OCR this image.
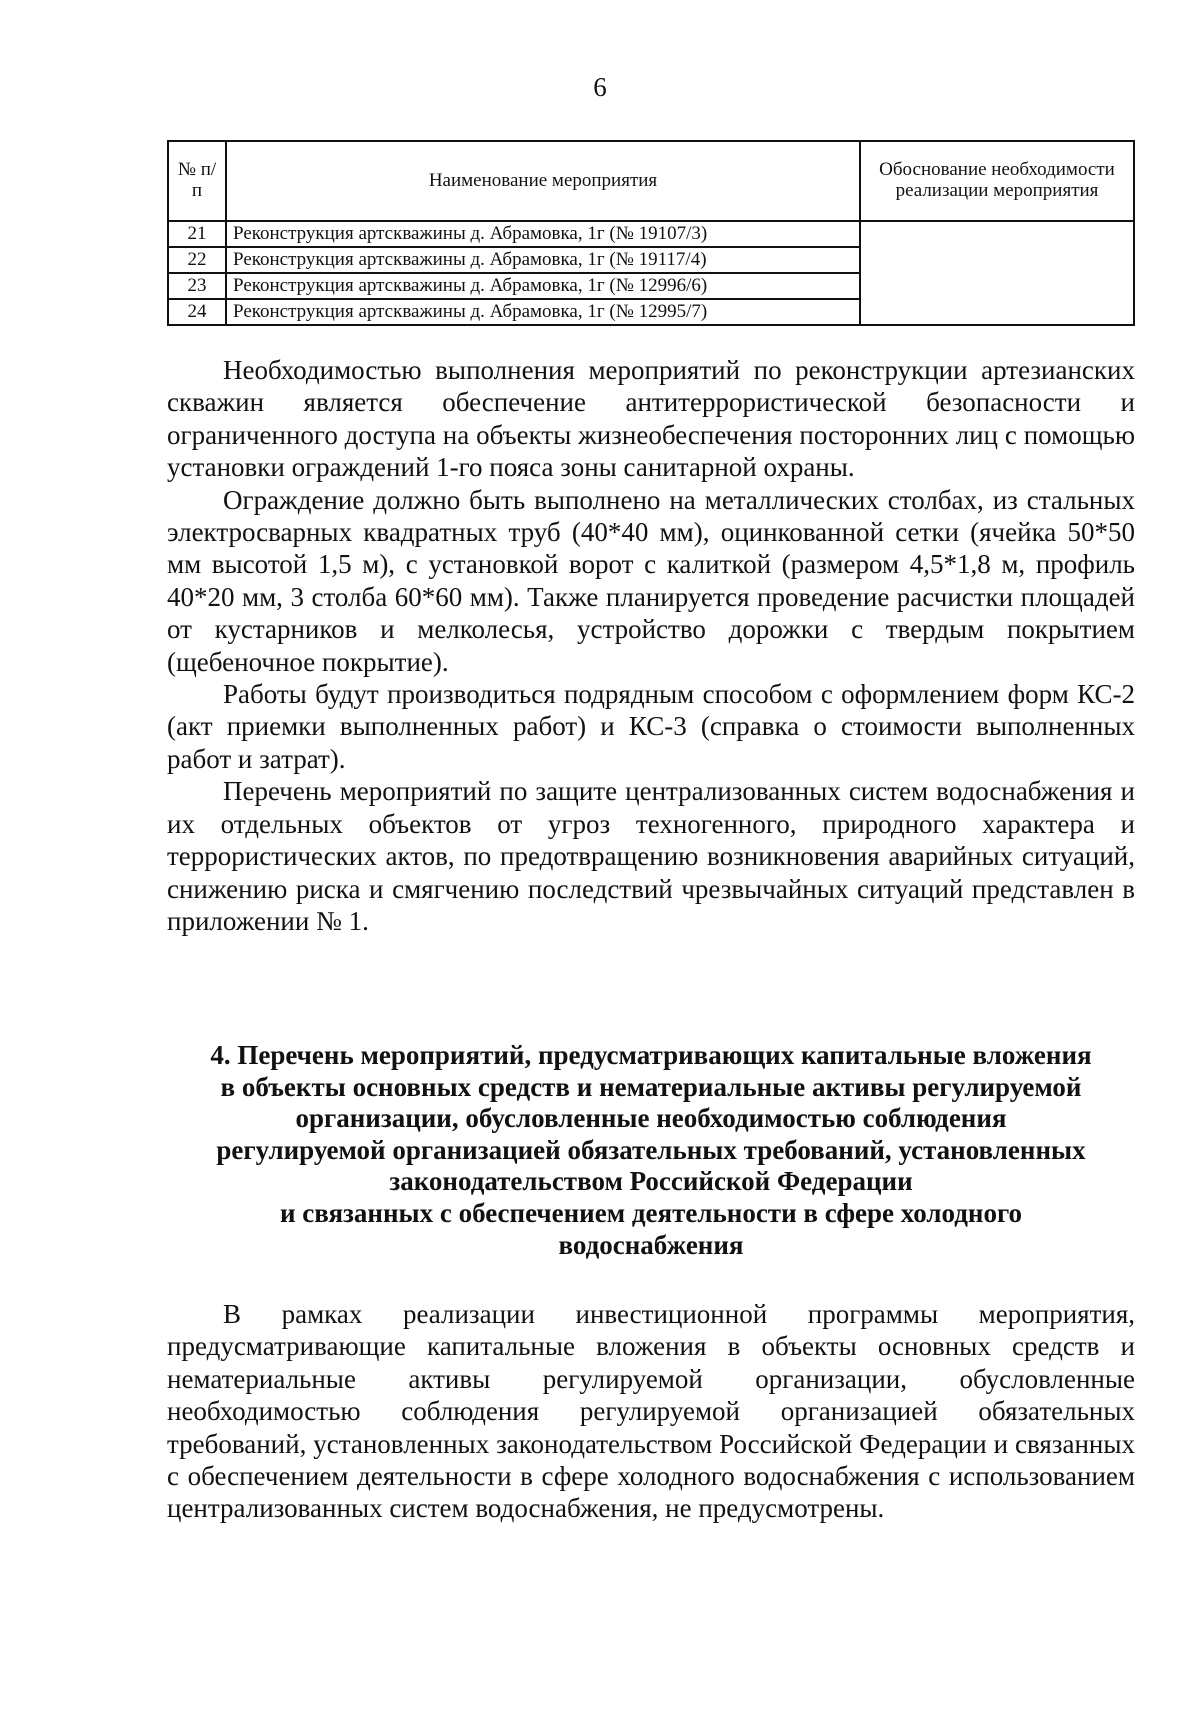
6
№ п/п	Наименование мероприятия	Обоснование необходимости реализации мероприятия
21	Реконструкция артскважины д. Абрамовка, 1г (№ 19107/3)	
22	Реконструкция артскважины д. Абрамовка, 1г (№ 19117/4)	
23	Реконструкция артскважины д. Абрамовка, 1г (№ 12996/6)	
24	Реконструкция артскважины д. Абрамовка, 1г (№ 12995/7)	

Необходимостью выполнения мероприятий по реконструкции артезианских скважин является обеспечение антитеррористической безопасности и ограниченного доступа на объекты жизнеобеспечения посторонних лиц с помощью установки ограждений 1-го пояса зоны санитарной охраны.

Ограждение должно быть выполнено на металлических столбах, из стальных электросварных квадратных труб (40*40 мм), оцинкованной сетки (ячейка 50*50 мм высотой 1,5 м), с установкой ворот с калиткой (размером 4,5*1,8 м, профиль 40*20 мм, 3 столба 60*60 мм). Также планируется проведение расчистки площадей от кустарников и мелколесья, устройство дорожки с твердым покрытием (щебеночное покрытие).

Работы будут производиться подрядным способом с оформлением форм КС-2 (акт приемки выполненных работ) и КС-3 (справка о стоимости выполненных работ и затрат).

Перечень мероприятий по защите централизованных систем водоснабжения и их отдельных объектов от угроз техногенного, природного характера и террористических актов, по предотвращению возникновения аварийных ситуаций, снижению риска и смягчению последствий чрезвычайных ситуаций представлен в приложении № 1.

4. Перечень мероприятий, предусматривающих капитальные вложения
в объекты основных средств и нематериальные активы регулируемой
организации, обусловленные необходимостью соблюдения
регулируемой организацией обязательных требований, установленных
законодательством Российской Федерации
и связанных с обеспечением деятельности в сфере холодного
водоснабжения

В рамках реализации инвестиционной программы мероприятия, предусматривающие капитальные вложения в объекты основных средств и нематериальные активы регулируемой организации, обусловленные необходимостью соблюдения регулируемой организацией обязательных требований, установленных законодательством Российской Федерации и связанных с обеспечением деятельности в сфере холодного водоснабжения с использованием централизованных систем водоснабжения, не предусмотрены.
